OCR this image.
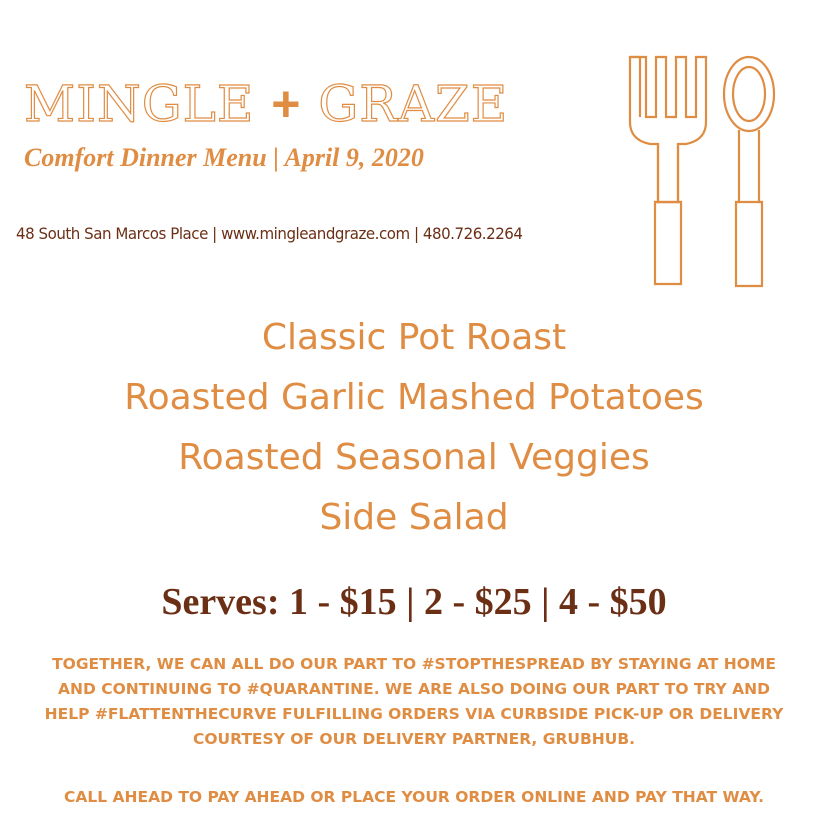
MINGLE + GRAZE
Comfort Dinner Menu | April 9, 2020
48 South San Marcos Place | www.mingleandgraze.com | 480.726.2264
Classic Pot Roast
Roasted Garlic Mashed Potatoes
Roasted Seasonal Veggies
Side Salad
Serves: 1 - $15 | 2 - $25 | 4 - $50
TOGETHER, WE CAN ALL DO OUR PART TO #STOPTHESPREAD BY STAYING AT HOME
AND CONTINUING TO #QUARANTINE. WE ARE ALSO DOING OUR PART TO TRY AND
HELP #FLATTENTHECURVE FULFILLING ORDERS VIA CURBSIDE PICK-UP OR DELIVERY
COURTESY OF OUR DELIVERY PARTNER, GRUBHUB.
CALL AHEAD TO PAY AHEAD OR PLACE YOUR ORDER ONLINE AND PAY THAT WAY.
